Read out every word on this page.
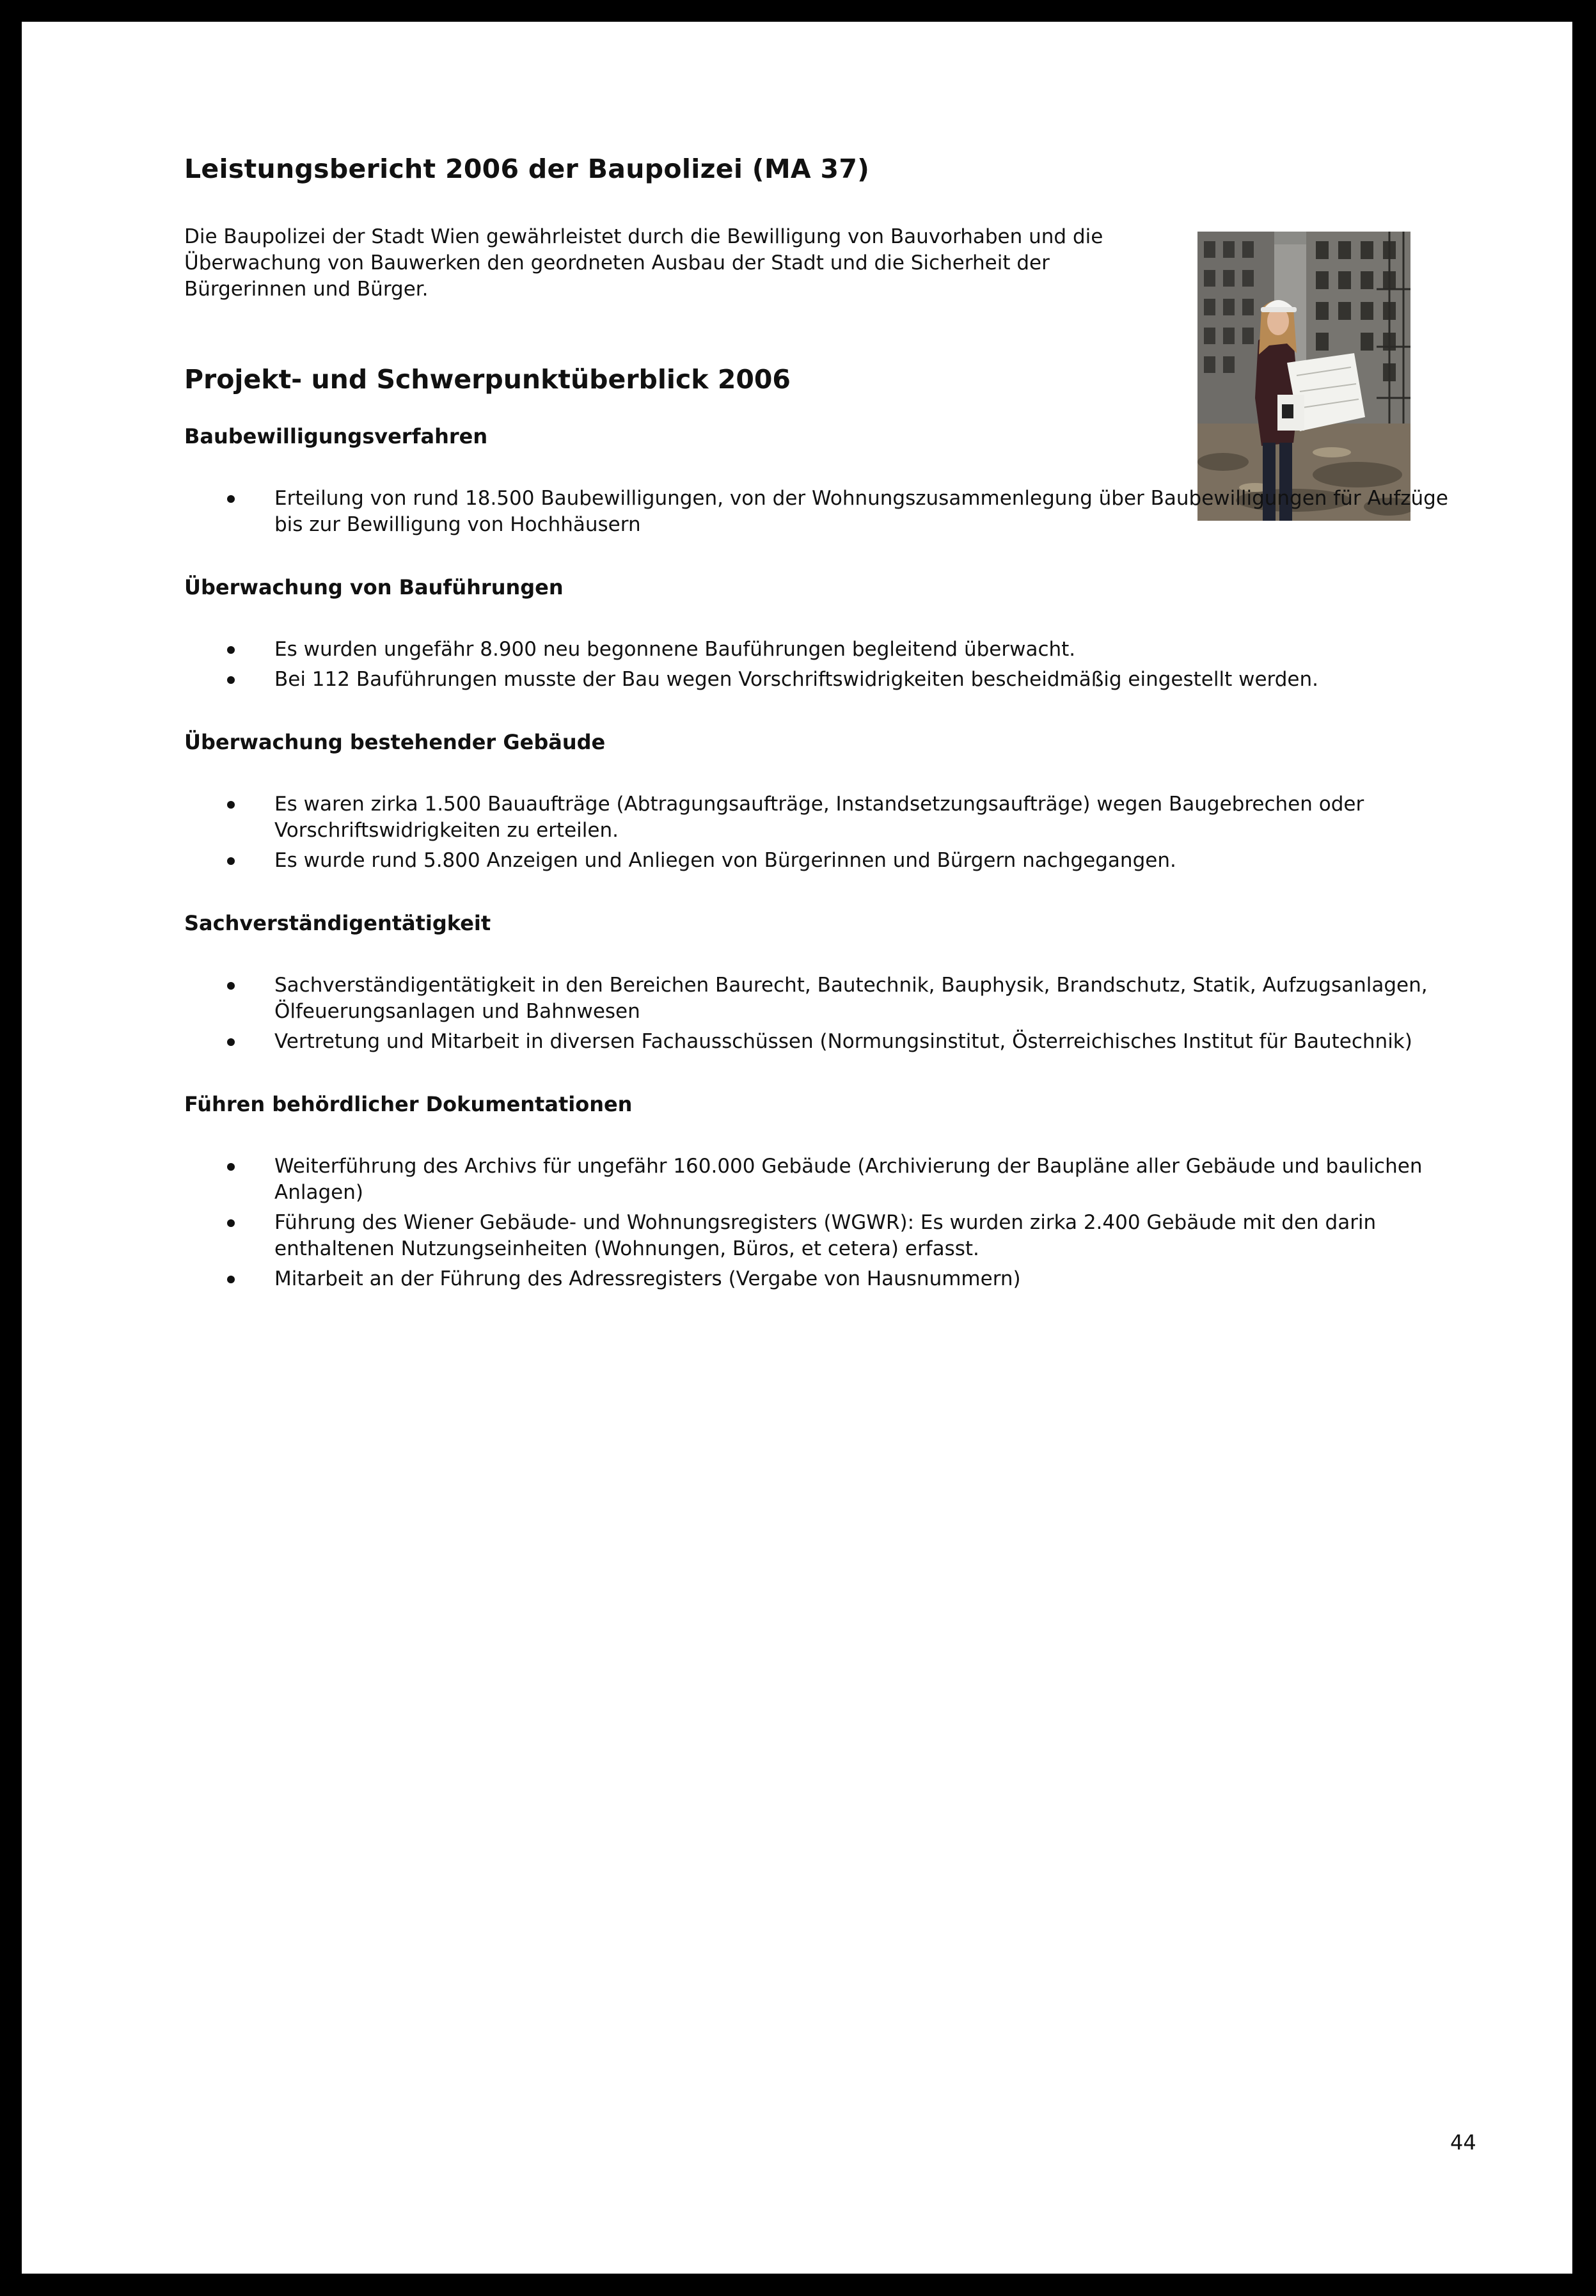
Leistungsbericht 2006 der Baupolizei (MA 37)

Die Baupolizei der Stadt Wien gewährleistet durch die Bewilligung von Bauvorhaben und die Überwachung von Bauwerken den geordneten Ausbau der Stadt und die Sicherheit der Bürgerinnen und Bürger.

Projekt- und Schwerpunktüberblick 2006
Baubewilligungsverfahren
Erteilung von rund 18.500 Baubewilligungen, von der Wohnungszusammenlegung über Baubewilligungen für Aufzüge bis zur Bewilligung von Hochhäusern
Überwachung von Bauführungen
Es wurden ungefähr 8.900 neu begonnene Bauführungen begleitend überwacht.
Bei 112 Bauführungen musste der Bau wegen Vorschriftswidrigkeiten bescheidmäßig eingestellt werden.
Überwachung bestehender Gebäude
Es waren zirka 1.500 Bauaufträge (Abtragungsaufträge, Instandsetzungsaufträge) wegen Baugebrechen oder Vorschriftswidrigkeiten zu erteilen.
Es wurde rund 5.800 Anzeigen und Anliegen von Bürgerinnen und Bürgern nachgegangen.
Sachverständigentätigkeit
Sachverständigentätigkeit in den Bereichen Baurecht, Bautechnik, Bauphysik, Brandschutz, Statik, Aufzugsanlagen, Ölfeuerungsanlagen und Bahnwesen
Vertretung und Mitarbeit in diversen Fachausschüssen (Normungsinstitut, Österreichisches Institut für Bautechnik)
Führen behördlicher Dokumentationen
Weiterführung des Archivs für ungefähr 160.000 Gebäude (Archivierung der Baupläne aller Gebäude und baulichen Anlagen)
Führung des Wiener Gebäude- und Wohnungsregisters (WGWR): Es wurden zirka 2.400 Gebäude mit den darin enthaltenen Nutzungseinheiten (Wohnungen, Büros, et cetera) erfasst.
Mitarbeit an der Führung des Adressregisters (Vergabe von Hausnummern)
44
